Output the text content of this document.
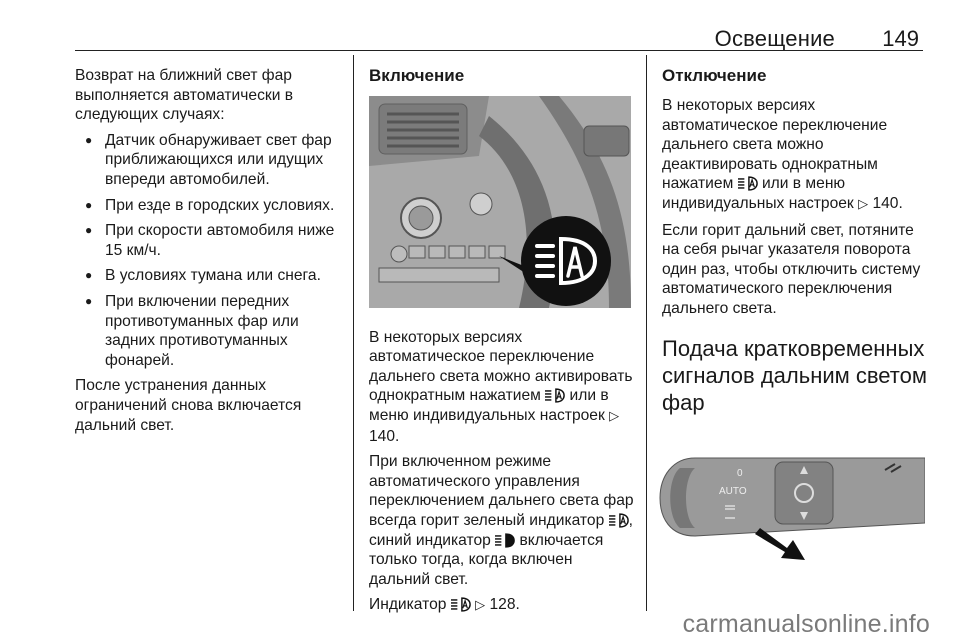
Освещение 149

Возврат на ближний свет фар выполняется автоматически в следующих случаях:

● Датчик обнаруживает свет фар приближающихся или идущих впереди автомобилей.
● При езде в городских условиях.
● При скорости автомобиля ниже 15 км/ч.
● В условиях тумана или снега.
● При включении передних противотуманных фар или задних противотуманных фонарей.

После устранения данных ограничений снова включается дальний свет.

Включение

В некоторых версиях автоматическое переключение дальнего света можно активировать однократным нажатием  или в меню индивидуальных настроек ▷ 140.

При включенном режиме автоматического управления переключением дальнего света фар всегда горит зеленый индикатор , синий индикатор  включается только тогда, когда включен дальний свет.

Индикатор  ▷ 128.

Отключение

В некоторых версиях автоматическое переключение дальнего света можно деактивировать однократным нажатием  или в меню индивидуальных настроек ▷ 140.

Если горит дальний свет, потяните на себя рычаг указателя поворота один раз, чтобы отключить систему автоматического переключения дальнего света.

Подача кратковременных сигналов дальним светом фар
0
AUTO
carmanualsonline.info
